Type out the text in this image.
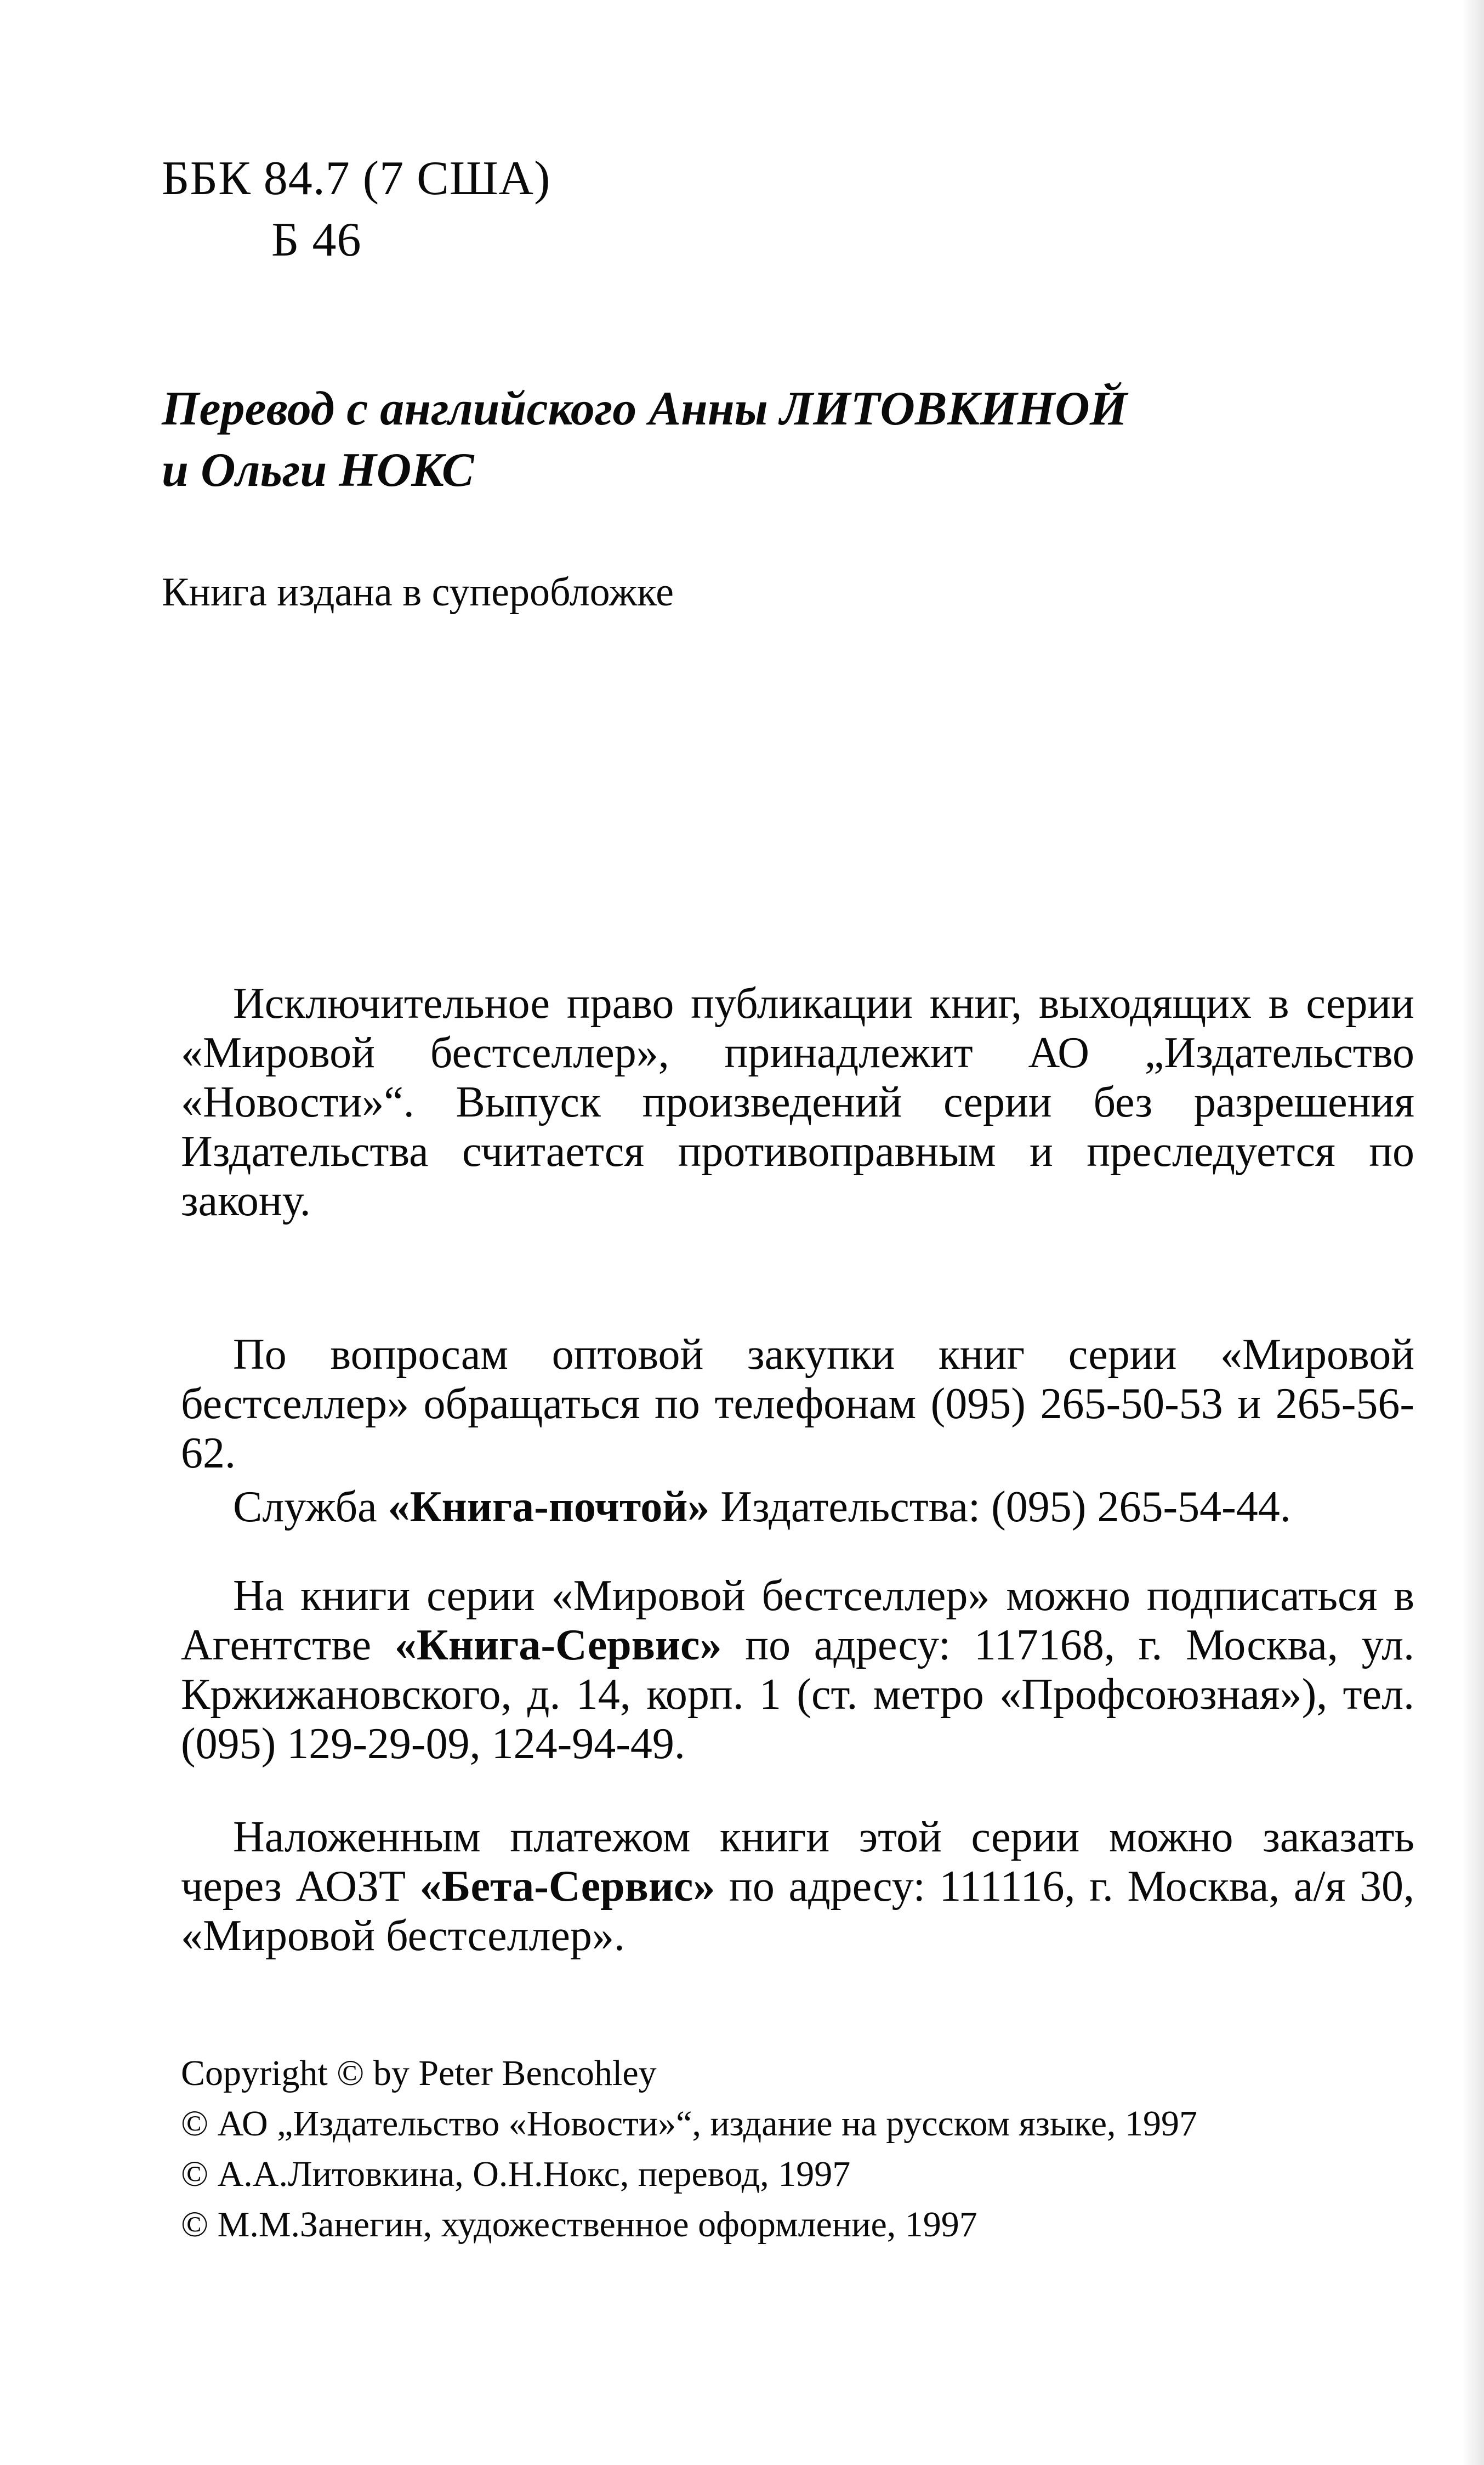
ББК 84.7 (7 США)
Б 46
Перевод с английского Анны ЛИТОВКИНОЙ
и Ольги НОКС
Книга издана в суперобложке

Исключительное право публикации книг, выходящих в серии «Мировой бестселлер», принадлежит АО „Издательство «Новости»“. Выпуск произведений серии без разрешения Издательства считается противоправным и преследуется по закону.

По вопросам оптовой закупки книг серии «Мировой бестселлер» обращаться по телефонам (095) 265-50-53 и 265-56-62.

Служба «Книга-почтой» Издательства: (095) 265-54-44.

На книги серии «Мировой бестселлер» можно подписаться в Агентстве «Книга-Сервис» по адресу: 117168, г. Москва, ул. Кржижановского, д. 14, корп. 1 (ст. метро «Профсоюзная»), тел. (095) 129-29-09, 124-94-49.

Наложенным платежом книги этой серии можно заказать через АОЗТ «Бета-Сервис» по адресу: 111116, г. Москва, а/я 30, «Мировой бестселлер».

Copyright © by Peter Bencohley
© АО „Издательство «Новости»“, издание на русском языке, 1997
© А.А.Литовкина, О.Н.Нокс, перевод, 1997
© М.М.Занегин, художественное оформление, 1997
